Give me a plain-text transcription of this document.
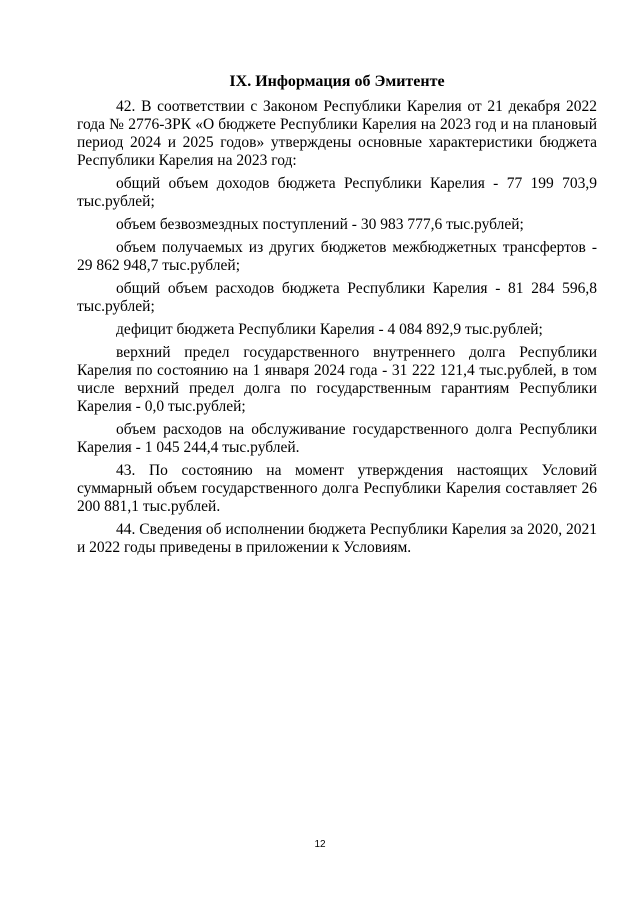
IX. Информация об Эмитенте

42. В соответствии с Законом Республики Карелия от 21 декабря 2022 года № 2776-ЗРК «О бюджете Республики Карелия на 2023 год и на плановый период 2024 и 2025 годов» утверждены основные характеристики бюджета Республики Карелия на 2023 год:

общий объем доходов бюджета Республики Карелия - 77 199 703,9 тыс.рублей;

объем безвозмездных поступлений - 30 983 777,6 тыс.рублей;

объем получаемых из других бюджетов межбюджетных трансфертов - 29 862 948,7 тыс.рублей;

общий объем расходов бюджета Республики Карелия - 81 284 596,8 тыс.рублей;

дефицит бюджета Республики Карелия - 4 084 892,9 тыс.рублей;

верхний предел государственного внутреннего долга Республики Карелия по состоянию на 1 января 2024 года - 31 222 121,4 тыс.рублей, в том числе верхний предел долга по государственным гарантиям Республики Карелия - 0,0 тыс.рублей;

объем расходов на обслуживание государственного долга Республики Карелия - 1 045 244,4 тыс.рублей.

43. По состоянию на момент утверждения настоящих Условий суммарный объем государственного долга Республики Карелия составляет 26 200 881,1 тыс.рублей.

44. Сведения об исполнении бюджета Республики Карелия за 2020, 2021 и 2022 годы приведены в приложении к Условиям.

12
